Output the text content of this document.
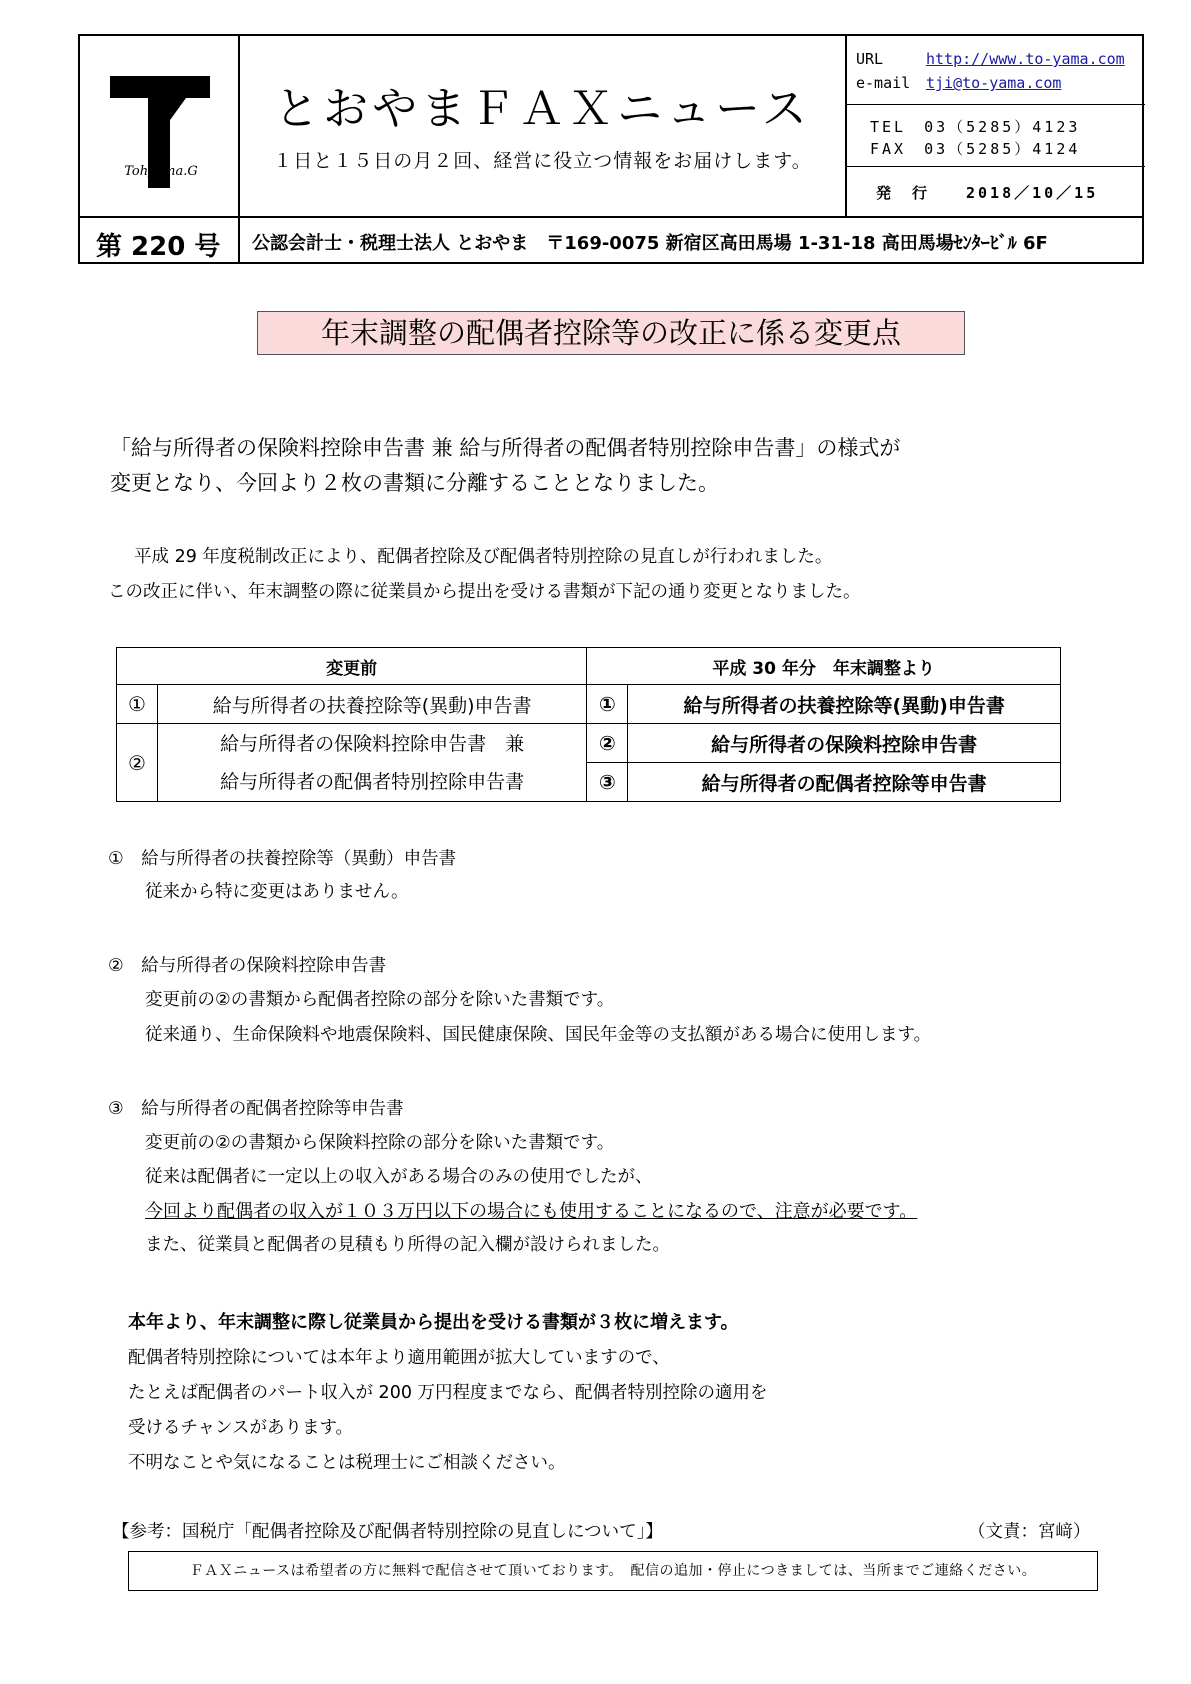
Tohyama.G
とおやまＦＡＸニュース
１日と１５日の月２回、経営に役立つ情報をお届けします。
URL	http://www.to-yama.com
e-mail tji@to-yama.com
TEL　03（5285）4123
FAX　03（5285）4124
発　行　　2018／10／15
第 220 号 公認会計士・税理士法人 とおやま　〒169-0075 新宿区高田馬場 1-31-18 高田馬場ｾﾝﾀｰﾋﾞﾙ 6F
年末調整の配偶者控除等の改正に係る変更点
「給与所得者の保険料控除申告書 兼 給与所得者の配偶者特別控除申告書」の様式が
変更となり、今回より２枚の書類に分離することとなりました。
平成 29 年度税制改正により、配偶者控除及び配偶者特別控除の見直しが行われました。
この改正に伴い、年末調整の際に従業員から提出を受ける書類が下記の通り変更となりました。
変更前		平成 30 年分　年末調整より	
①	給与所得者の扶養控除等(異動)申告書	①	給与所得者の扶養控除等(異動)申告書
②	給与所得者の保険料控除申告書　兼
給与所得者の配偶者特別控除申告書	②	給与所得者の保険料控除申告書
		③	給与所得者の配偶者控除等申告書
①　給与所得者の扶養控除等（異動）申告書
従来から特に変更はありません。
②　給与所得者の保険料控除申告書
変更前の②の書類から配偶者控除の部分を除いた書類です。
従来通り、生命保険料や地震保険料、国民健康保険、国民年金等の支払額がある場合に使用します。
③　給与所得者の配偶者控除等申告書
変更前の②の書類から保険料控除の部分を除いた書類です。
従来は配偶者に一定以上の収入がある場合のみの使用でしたが、
今回より配偶者の収入が１０３万円以下の場合にも使用することになるので、注意が必要です。
また、従業員と配偶者の見積もり所得の記入欄が設けられました。
本年より、年末調整に際し従業員から提出を受ける書類が３枚に増えます。
配偶者特別控除については本年より適用範囲が拡大していますので、
たとえば配偶者のパート収入が 200 万円程度までなら、配偶者特別控除の適用を
受けるチャンスがあります。
不明なことや気になることは税理士にご相談ください。
【参考：国税庁「配偶者控除及び配偶者特別控除の見直しについて」】	（文責：宮﨑）
ＦＡＸニュースは希望者の方に無料で配信させて頂いております。　配信の追加・停止につきましては、当所までご連絡ください。
